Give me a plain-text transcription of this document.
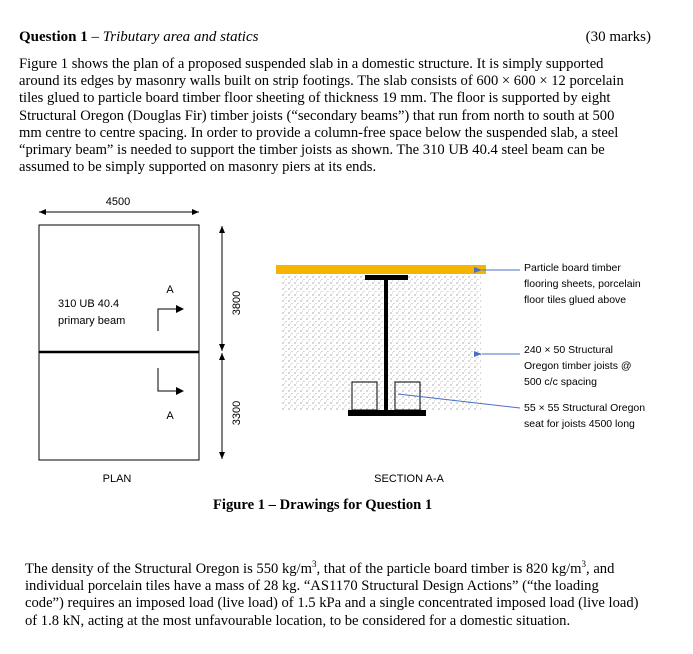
Question 1 – Tributary area and statics	(30 marks)
Figure 1 shows the plan of a proposed suspended slab in a domestic structure. It is simply supported around its edges by masonry walls built on strip footings. The slab consists of 600 × 600 × 12 porcelain tiles glued to particle board timber floor sheeting of thickness 19 mm. The floor is supported by eight Structural Oregon (Douglas Fir) timber joists (“secondary beams”) that run from north to south at 500 mm centre to centre spacing. In order to provide a column-free space below the suspended slab, a steel “primary beam” is needed to support the timber joists as shown. The 310 UB 40.4 steel beam can be assumed to be simply supported on masonry piers at its ends.
4500
310 UB 40.4
primary beam
A
A
3800
3300
PLAN
Particle board timber
flooring sheets, porcelain
floor tiles glued above
240 × 50 Structural
Oregon timber joists @
500 c/c spacing
55 × 55 Structural Oregon
seat for joists 4500 long
SECTION A-A
Figure 1 – Drawings for Question 1
The density of the Structural Oregon is 550 $kg/m^3$, that of the particle board timber is 820 $kg/m^3$, and individual porcelain tiles have a mass of 28 kg. “AS1170 Structural Design Actions” (“the loading code”) requires an imposed load (live load) of 1.5 kPa and a single concentrated imposed load (live load) of 1.8 kN, acting at the most unfavourable location, to be considered for a domestic situation.
